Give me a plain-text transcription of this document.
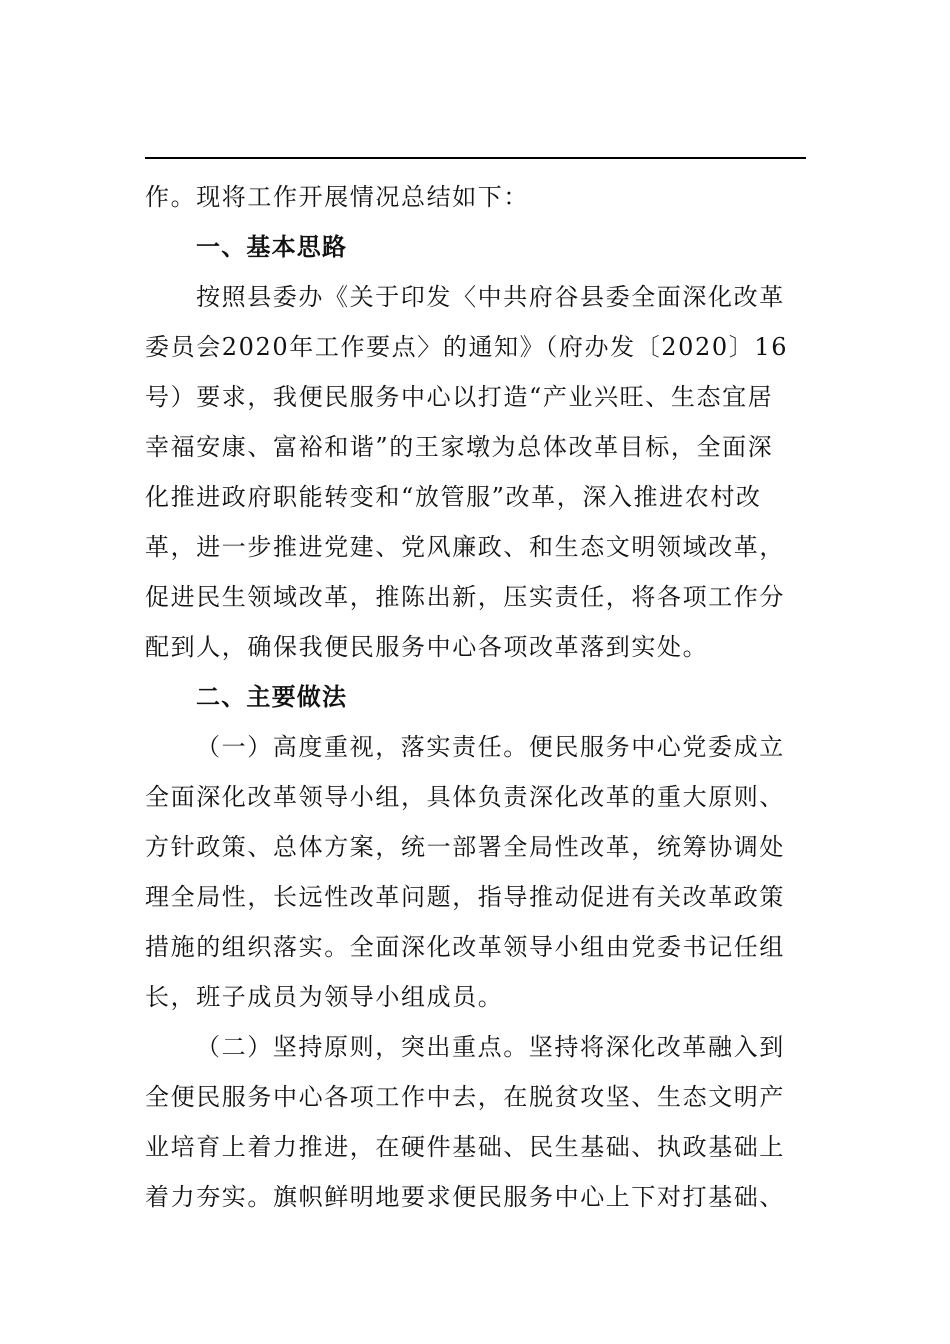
作。现将工作开展情况总结如下：
一、基本思路
按照县委办《关于印发〈中共府谷县委全面深化改革
委员会2020年工作要点〉的通知》（府办发〔2020〕16
号）要求，我便民服务中心以打造“产业兴旺、生态宜居
幸福安康、富裕和谐”的王家墩为总体改革目标，全面深
化推进政府职能转变和“放管服”改革，深入推进农村改
革，进一步推进党建、党风廉政、和生态文明领域改革，
促进民生领域改革，推陈出新，压实责任，将各项工作分
配到人，确保我便民服务中心各项改革落到实处。
二、主要做法
（一）高度重视，落实责任。便民服务中心党委成立
全面深化改革领导小组，具体负责深化改革的重大原则、
方针政策、总体方案，统一部署全局性改革，统筹协调处
理全局性，长远性改革问题，指导推动促进有关改革政策
措施的组织落实。全面深化改革领导小组由党委书记任组
长，班子成员为领导小组成员。
（二）坚持原则，突出重点。坚持将深化改革融入到
全便民服务中心各项工作中去，在脱贫攻坚、生态文明产
业培育上着力推进，在硬件基础、民生基础、执政基础上
着力夯实。旗帜鲜明地要求便民服务中心上下对打基础、
